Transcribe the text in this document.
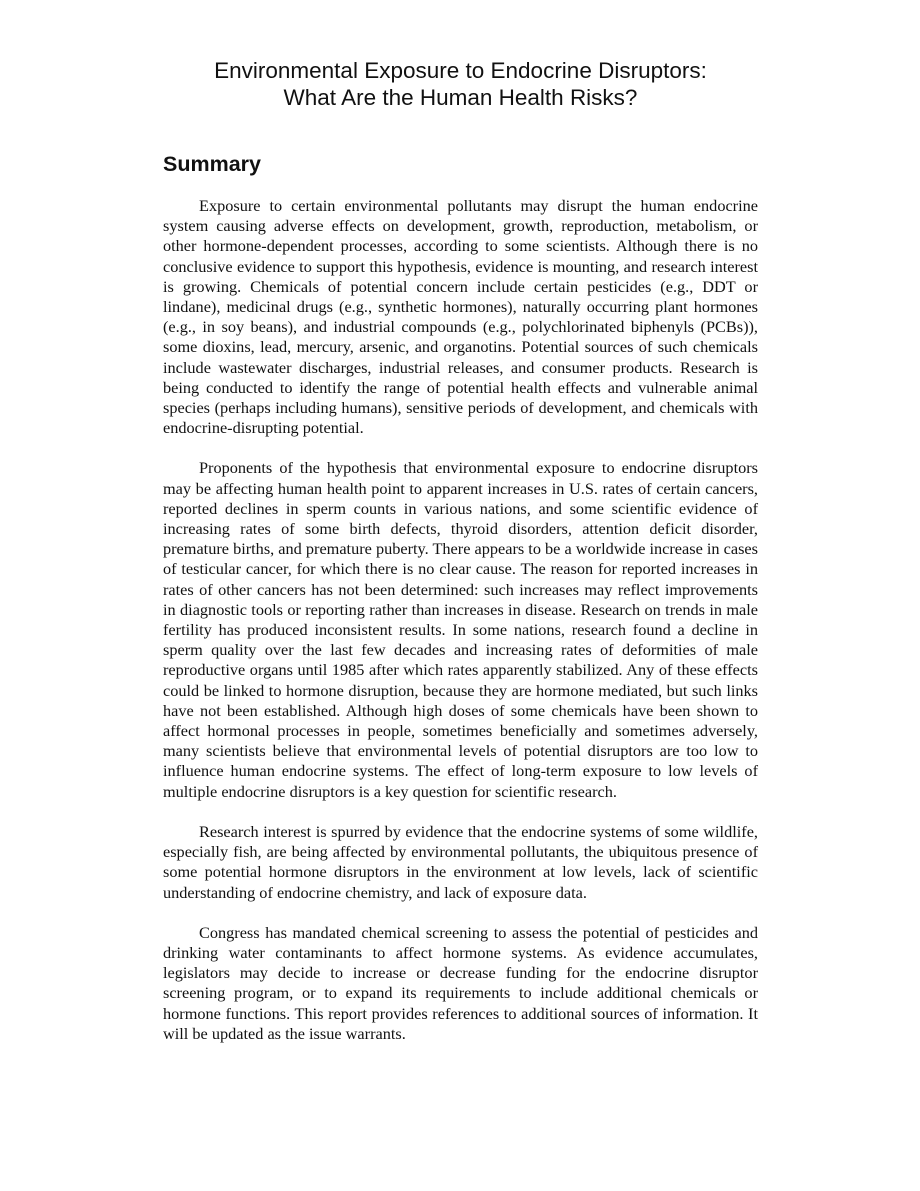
Environmental Exposure to Endocrine Disruptors:
What Are the Human Health Risks?
Summary

Exposure to certain environmental pollutants may disrupt the human endocrine system causing adverse effects on development, growth, reproduction, metabolism, or other hormone-dependent processes, according to some scientists. Although there is no conclusive evidence to support this hypothesis, evidence is mounting, and research interest is growing. Chemicals of potential concern include certain pesticides (e.g., DDT or lindane), medicinal drugs (e.g., synthetic hormones), naturally occurring plant hormones (e.g., in soy beans), and industrial compounds (e.g., polychlorinated biphenyls (PCBs)), some dioxins, lead, mercury, arsenic, and organotins. Potential sources of such chemicals include wastewater discharges, industrial releases, and consumer products. Research is being conducted to identify the range of potential health effects and vulnerable animal species (perhaps including humans), sensitive periods of development, and chemicals with endocrine-disrupting potential.

Proponents of the hypothesis that environmental exposure to endocrine disruptors may be affecting human health point to apparent increases in U.S. rates of certain cancers, reported declines in sperm counts in various nations, and some scientific evidence of increasing rates of some birth defects, thyroid disorders, attention deficit disorder, premature births, and premature puberty. There appears to be a worldwide increase in cases of testicular cancer, for which there is no clear cause. The reason for reported increases in rates of other cancers has not been determined: such increases may reflect improvements in diagnostic tools or reporting rather than increases in disease. Research on trends in male fertility has produced inconsistent results. In some nations, research found a decline in sperm quality over the last few decades and increasing rates of deformities of male reproductive organs until 1985 after which rates apparently stabilized. Any of these effects could be linked to hormone disruption, because they are hormone mediated, but such links have not been established. Although high doses of some chemicals have been shown to affect hormonal processes in people, sometimes beneficially and sometimes adversely, many scientists believe that environmental levels of potential disruptors are too low to influence human endocrine systems. The effect of long-term exposure to low levels of multiple endocrine disruptors is a key question for scientific research.

Research interest is spurred by evidence that the endocrine systems of some wildlife, especially fish, are being affected by environmental pollutants, the ubiquitous presence of some potential hormone disruptors in the environment at low levels, lack of scientific understanding of endocrine chemistry, and lack of exposure data.

Congress has mandated chemical screening to assess the potential of pesticides and drinking water contaminants to affect hormone systems. As evidence accumulates, legislators may decide to increase or decrease funding for the endocrine disruptor screening program, or to expand its requirements to include additional chemicals or hormone functions. This report provides references to additional sources of information. It will be updated as the issue warrants.
